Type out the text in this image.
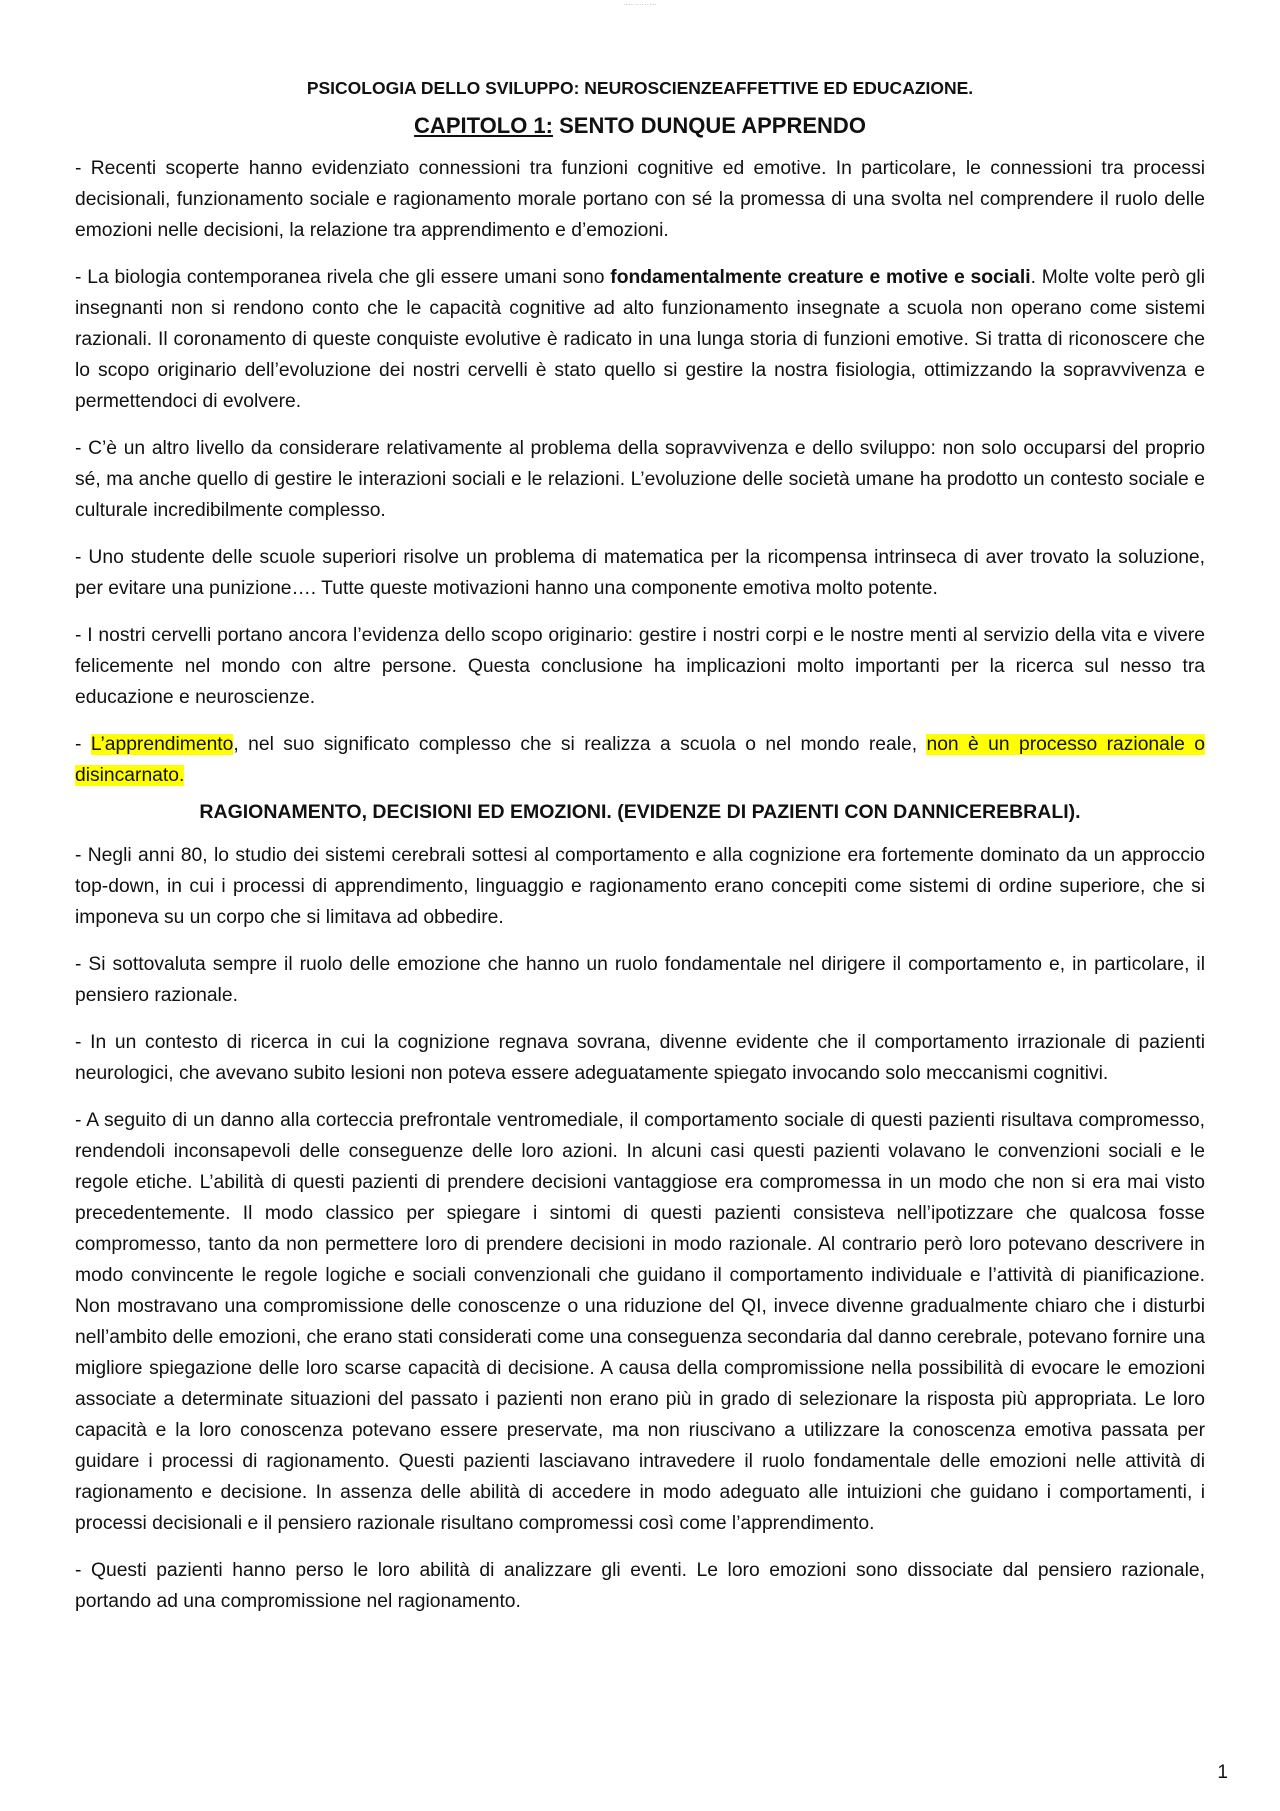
······ ·· ·· ·· ····
PSICOLOGIA DELLO SVILUPPO: NEUROSCIENZEAFFETTIVE ED EDUCAZIONE.
CAPITOLO 1: SENTO DUNQUE APPRENDO

- Recenti scoperte hanno evidenziato connessioni tra funzioni cognitive ed emotive. In particolare, le connessioni tra processi decisionali, funzionamento sociale e ragionamento morale portano con sé la promessa di una svolta nel comprendere il ruolo delle emozioni nelle decisioni, la relazione tra apprendimento e d’emozioni.

- La biologia contemporanea rivela che gli essere umani sono fondamentalmente creature e motive e sociali. Molte volte però gli insegnanti non si rendono conto che le capacità cognitive ad alto funzionamento insegnate a scuola non operano come sistemi razionali. Il coronamento di queste conquiste evolutive è radicato in una lunga storia di funzioni emotive. Si tratta di riconoscere che lo scopo originario dell’evoluzione dei nostri cervelli è stato quello si gestire la nostra fisiologia, ottimizzando la sopravvivenza e permettendoci di evolvere.

- C’è un altro livello da considerare relativamente al problema della sopravvivenza e dello sviluppo: non solo occuparsi del proprio sé, ma anche quello di gestire le interazioni sociali e le relazioni. L’evoluzione delle società umane ha prodotto un contesto sociale e culturale incredibilmente complesso.

- Uno studente delle scuole superiori risolve un problema di matematica per la ricompensa intrinseca di aver trovato la soluzione, per evitare una punizione…. Tutte queste motivazioni hanno una componente emotiva molto potente.

- I nostri cervelli portano ancora l’evidenza dello scopo originario: gestire i nostri corpi e le nostre menti al servizio della vita e vivere felicemente nel mondo con altre persone. Questa conclusione ha implicazioni molto importanti per la ricerca sul nesso tra educazione e neuroscienze.

- L’apprendimento, nel suo significato complesso che si realizza a scuola o nel mondo reale, non è un processo razionale o disincarnato.

RAGIONAMENTO, DECISIONI ED EMOZIONI. (EVIDENZE DI PAZIENTI CON DANNICEREBRALI).

- Negli anni 80, lo studio dei sistemi cerebrali sottesi al comportamento e alla cognizione era fortemente dominato da un approccio top-down, in cui i processi di apprendimento, linguaggio e ragionamento erano concepiti come sistemi di ordine superiore, che si imponeva su un corpo che si limitava ad obbedire.

- Si sottovaluta sempre il ruolo delle emozione che hanno un ruolo fondamentale nel dirigere il comportamento e, in particolare, il pensiero razionale.

- In un contesto di ricerca in cui la cognizione regnava sovrana, divenne evidente che il comportamento irrazionale di pazienti neurologici, che avevano subito lesioni non poteva essere adeguatamente spiegato invocando solo meccanismi cognitivi.

- A seguito di un danno alla corteccia prefrontale ventromediale, il comportamento sociale di questi pazienti risultava compromesso, rendendoli inconsapevoli delle conseguenze delle loro azioni. In alcuni casi questi pazienti volavano le convenzioni sociali e le regole etiche. L’abilità di questi pazienti di prendere decisioni vantaggiose era compromessa in un modo che non si era mai visto precedentemente. Il modo classico per spiegare i sintomi di questi pazienti consisteva nell’ipotizzare che qualcosa fosse compromesso, tanto da non permettere loro di prendere decisioni in modo razionale. Al contrario però loro potevano descrivere in modo convincente le regole logiche e sociali convenzionali che guidano il comportamento individuale e l’attività di pianificazione. Non mostravano una compromissione delle conoscenze o una riduzione del QI, invece divenne gradualmente chiaro che i disturbi nell’ambito delle emozioni, che erano stati considerati come una conseguenza secondaria dal danno cerebrale, potevano fornire una migliore spiegazione delle loro scarse capacità di decisione. A causa della compromissione nella possibilità di evocare le emozioni associate a determinate situazioni del passato i pazienti non erano più in grado di selezionare la risposta più appropriata. Le loro capacità e la loro conoscenza potevano essere preservate, ma non riuscivano a utilizzare la conoscenza emotiva passata per guidare i processi di ragionamento. Questi pazienti lasciavano intravedere il ruolo fondamentale delle emozioni nelle attività di ragionamento e decisione. In assenza delle abilità di accedere in modo adeguato alle intuizioni che guidano i comportamenti, i processi decisionali e il pensiero razionale risultano compromessi così come l’apprendimento.

- Questi pazienti hanno perso le loro abilità di analizzare gli eventi. Le loro emozioni sono dissociate dal pensiero razionale, portando ad una compromissione nel ragionamento.

1
